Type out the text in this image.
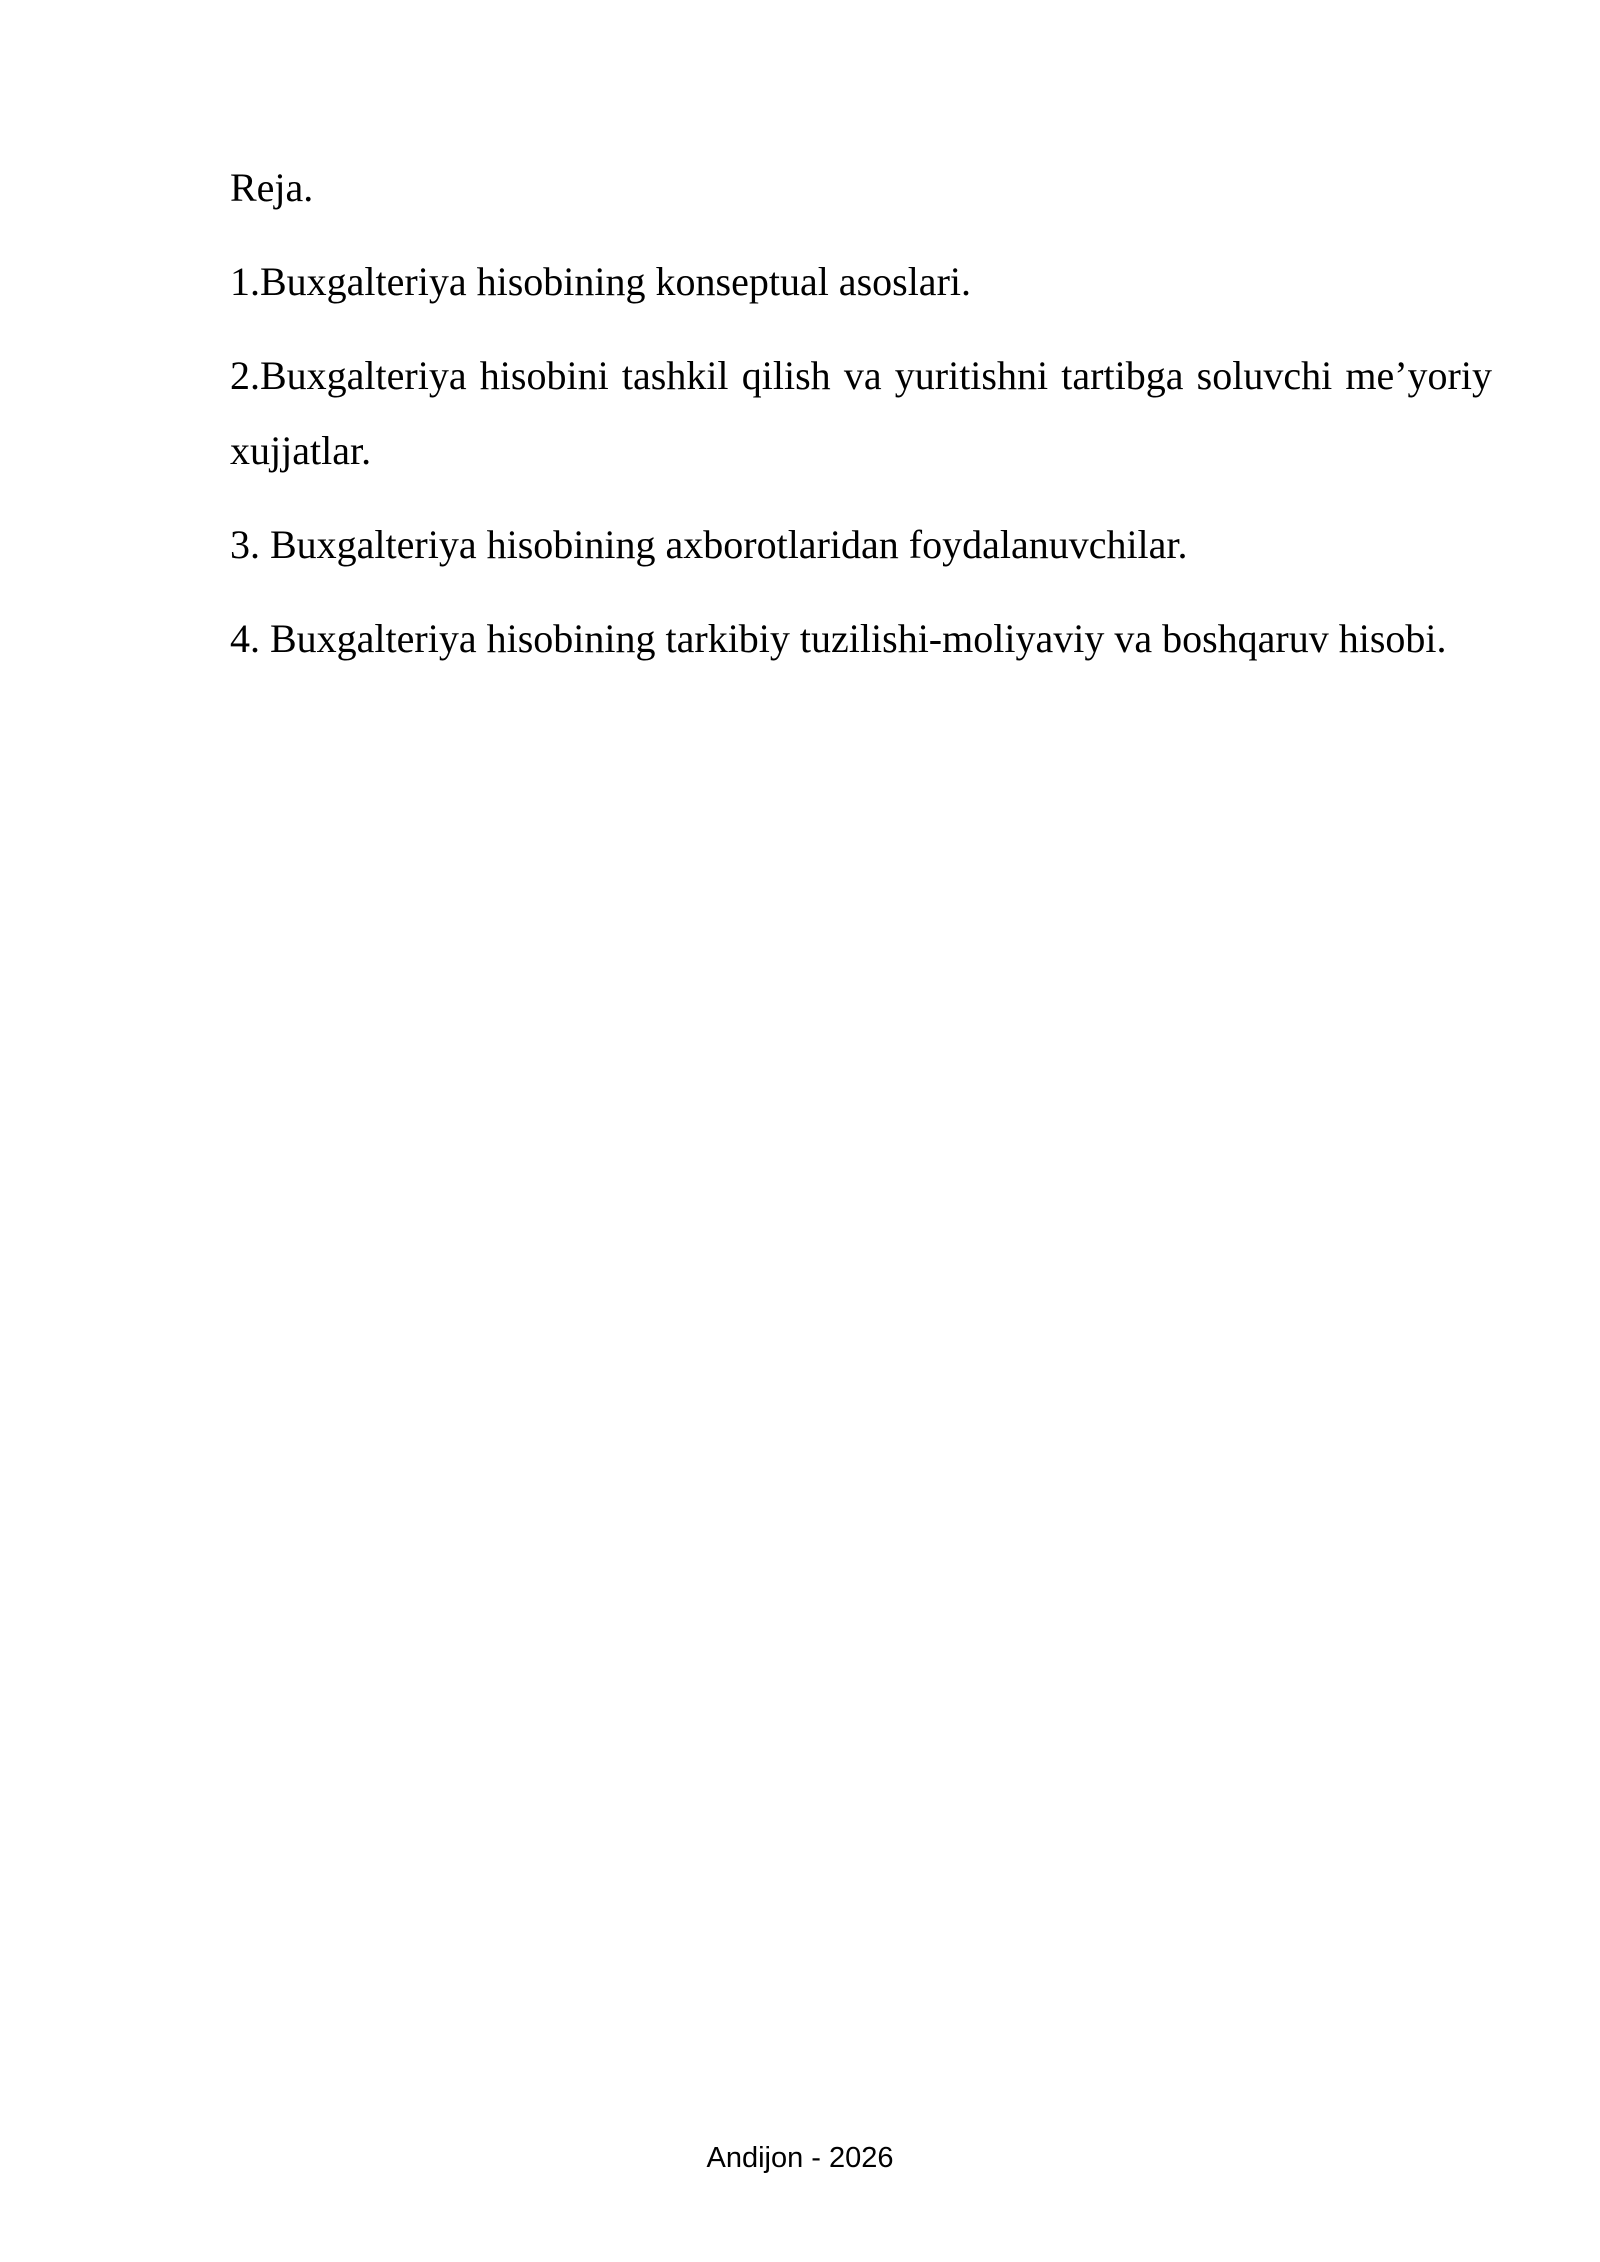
Reja.

1.Buxgalteriya hisobining konseptual asoslari.

2.Buxgalteriya hisobini tashkil qilish va yuritishni tartibga soluvchi me’yoriy xujjatlar.

3. Buxgalteriya hisobining axborotlaridan foydalanuvchilar.

4. Buxgalteriya hisobining tarkibiy tuzilishi-moliyaviy va boshqaruv hisobi.

Andijon - 2026
